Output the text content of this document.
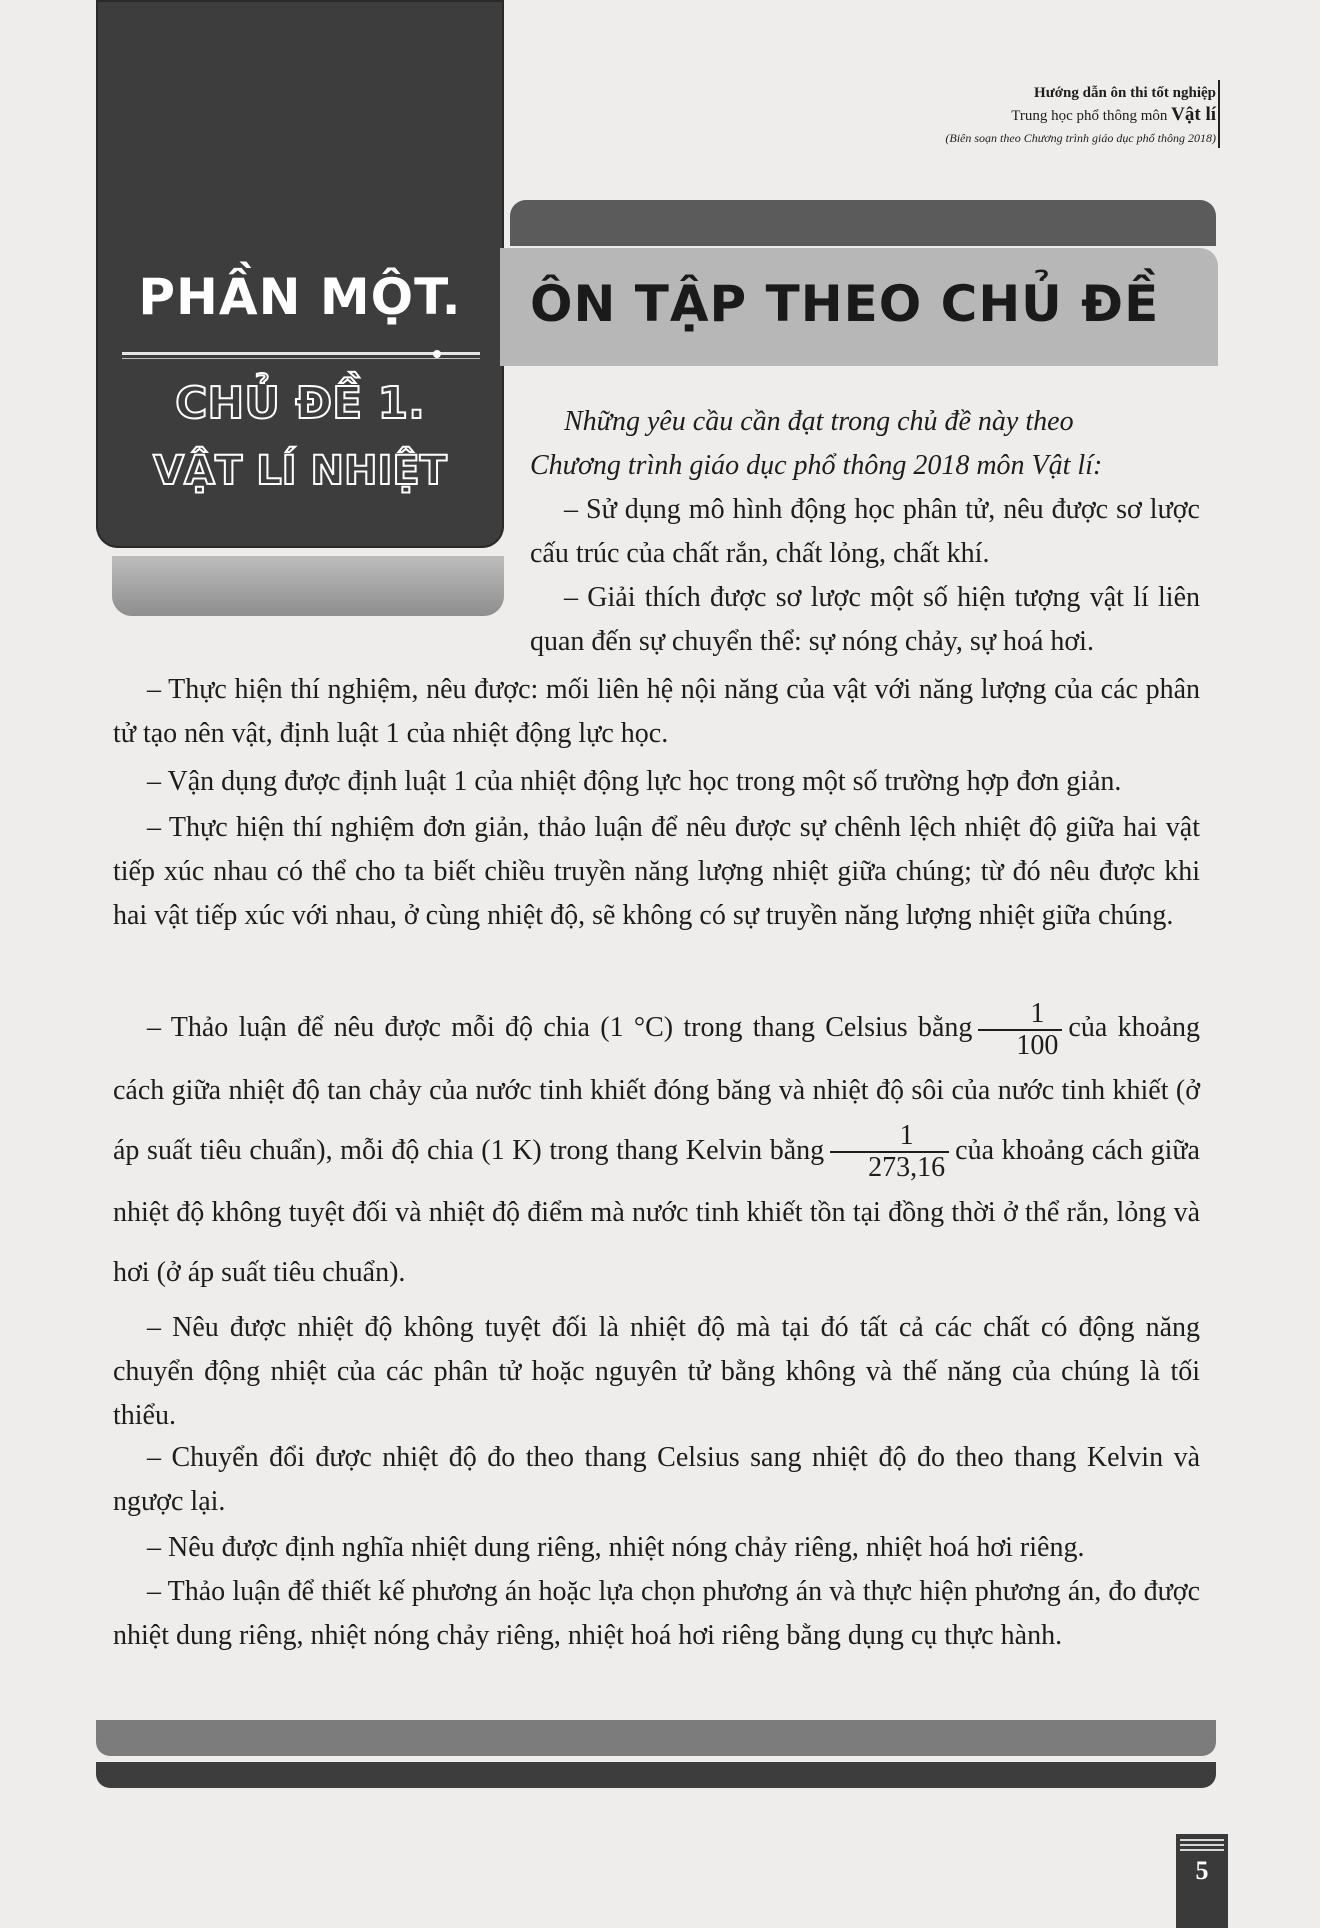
Hướng dẫn ôn thi tốt nghiệp
Trung học phổ thông môn Vật lí
(Biên soạn theo Chương trình giáo dục phổ thông 2018)
PHẦN MỘT.
CHỦ ĐỀ 1.
VẬT LÍ NHIỆT
ÔN TẬP THEO CHỦ ĐỀ
Những yêu cầu cần đạt trong chủ đề này theo
Chương trình giáo dục phổ thông 2018 môn Vật lí:

– Sử dụng mô hình động học phân tử, nêu được sơ lược cấu trúc của chất rắn, chất lỏng, chất khí.

– Giải thích được sơ lược một số hiện tượng vật lí liên quan đến sự chuyển thể: sự nóng chảy, sự hoá hơi.

– Thực hiện thí nghiệm, nêu được: mối liên hệ nội năng của vật với năng lượng của các phân tử tạo nên vật, định luật 1 của nhiệt động lực học.

– Vận dụng được định luật 1 của nhiệt động lực học trong một số trường hợp đơn giản.

– Thực hiện thí nghiệm đơn giản, thảo luận để nêu được sự chênh lệch nhiệt độ giữa hai vật tiếp xúc nhau có thể cho ta biết chiều truyền năng lượng nhiệt giữa chúng; từ đó nêu được khi hai vật tiếp xúc với nhau, ở cùng nhiệt độ, sẽ không có sự truyền năng lượng nhiệt giữa chúng.

– Thảo luận để nêu được mỗi độ chia (1 °C) trong thang Celsius bằng $\frac{1}{100}$ của khoảng cách giữa nhiệt độ tan chảy của nước tinh khiết đóng băng và nhiệt độ sôi của nước tinh khiết (ở áp suất tiêu chuẩn), mỗi độ chia (1 K) trong thang Kelvin bằng $\frac{1}{273,16}$ của khoảng cách giữa nhiệt độ không tuyệt đối và nhiệt độ điểm mà nước tinh khiết tồn tại đồng thời ở thể rắn, lỏng và hơi (ở áp suất tiêu chuẩn).

– Nêu được nhiệt độ không tuyệt đối là nhiệt độ mà tại đó tất cả các chất có động năng chuyển động nhiệt của các phân tử hoặc nguyên tử bằng không và thế năng của chúng là tối thiểu.

– Chuyển đổi được nhiệt độ đo theo thang Celsius sang nhiệt độ đo theo thang Kelvin và ngược lại.

– Nêu được định nghĩa nhiệt dung riêng, nhiệt nóng chảy riêng, nhiệt hoá hơi riêng.

– Thảo luận để thiết kế phương án hoặc lựa chọn phương án và thực hiện phương án, đo được nhiệt dung riêng, nhiệt nóng chảy riêng, nhiệt hoá hơi riêng bằng dụng cụ thực hành.

5
